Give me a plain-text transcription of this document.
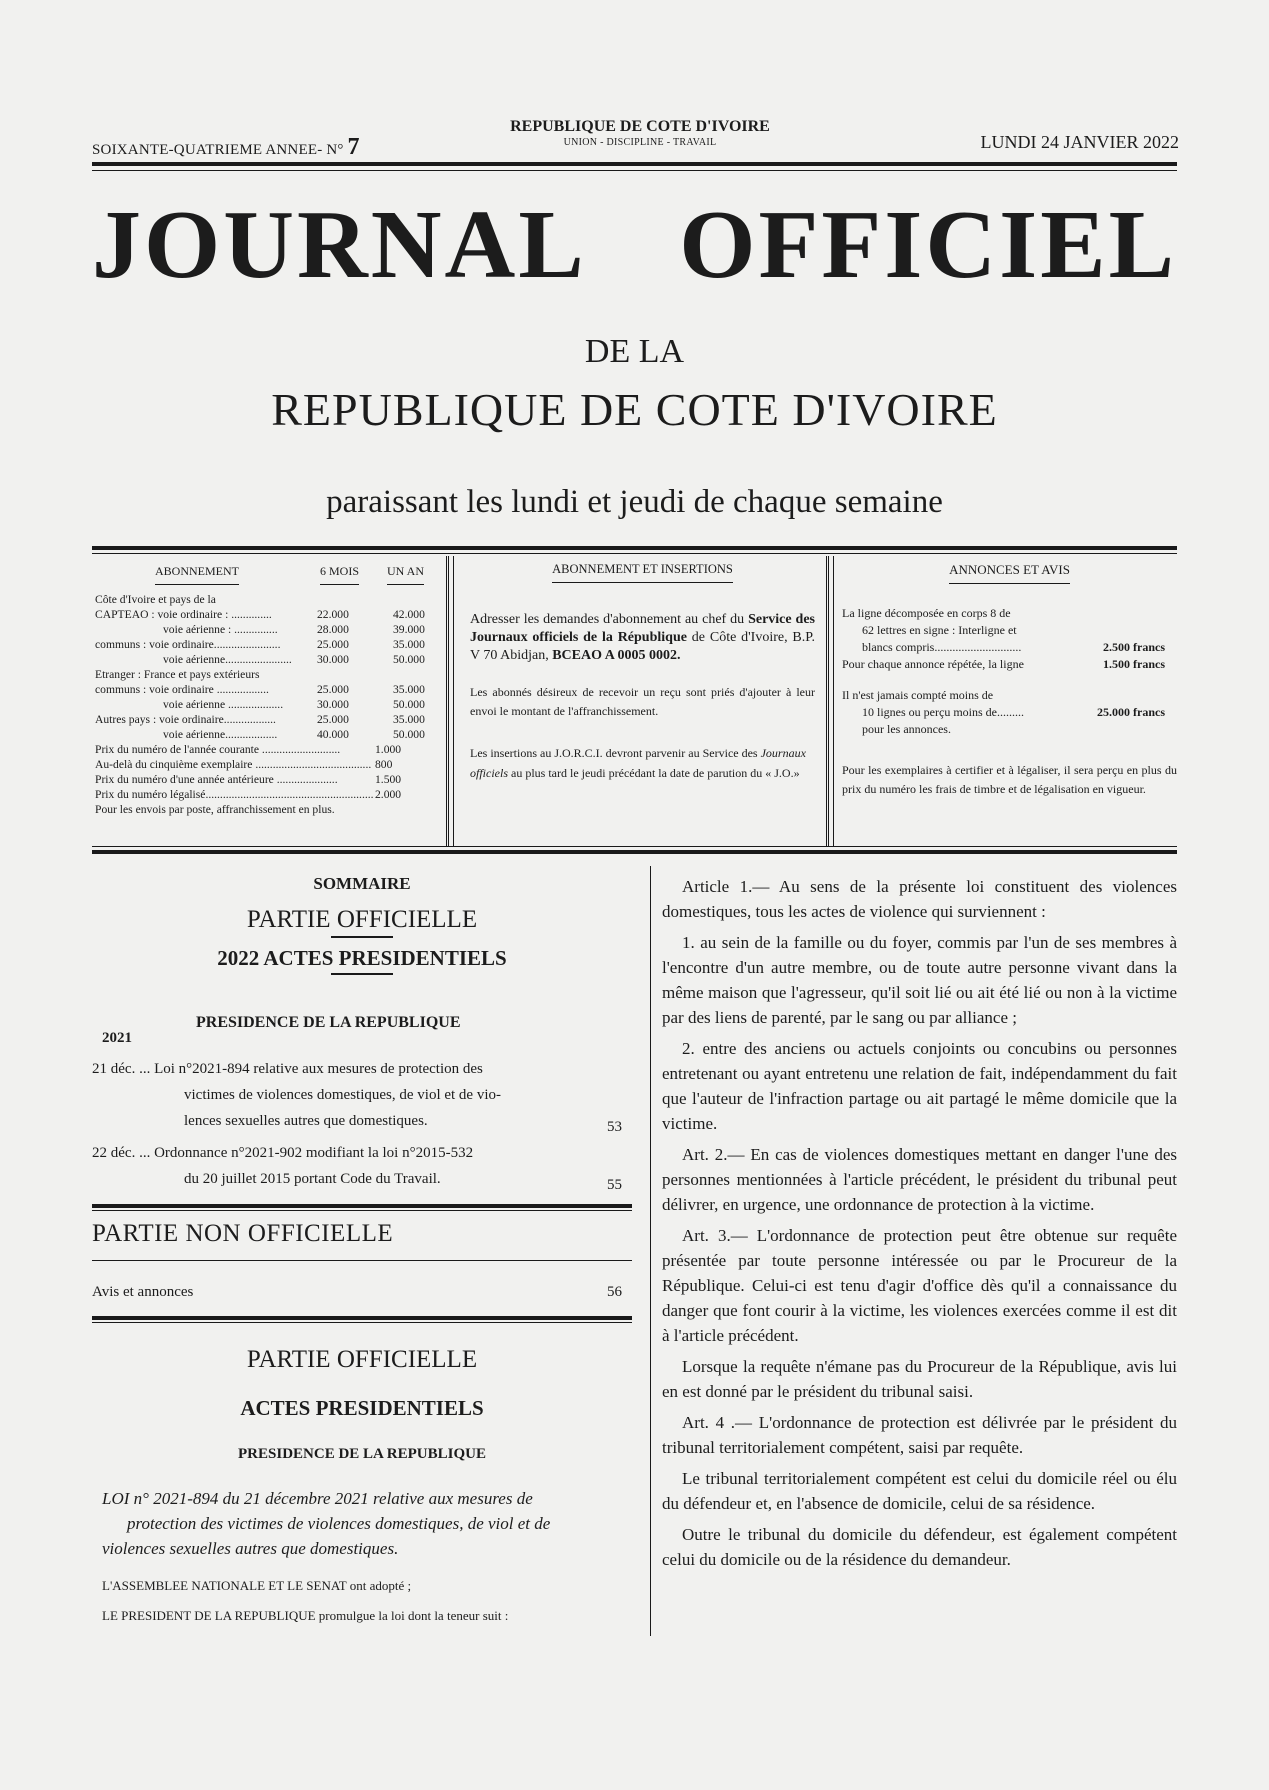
SOIXANTE-QUATRIEME ANNEE- N° 7
REPUBLIQUE DE COTE D'IVOIRE
UNION - DISCIPLINE - TRAVAIL	LUNDI 24 JANVIER 2022
JOURNAL OFFICIEL
DE LA
REPUBLIQUE DE COTE D'IVOIRE
paraissant les lundi et jeudi de chaque semaine
ABONNEMENT	6 MOIS UN AN
Côte d'Ivoire et pays de la
CAPTEAO : voie ordinaire : ..............	22.000	42.000
voie aérienne : ...............	28.000	39.000
communs : voie ordinaire.......................	25.000	35.000
voie aérienne....................... 30.000	50.000
Etranger : France et pays extérieurs
communs : voie ordinaire ..................	25.000	35.000
voie aérienne ...................	30.000	50.000
Autres pays : voie ordinaire..................	25.000	35.000
voie aérienne..................	40.000	50.000
Prix du numéro de l'année courante ...........................	1.000
Au-delà du cinquième exemplaire ........................................ 800
Prix du numéro d'une année antérieure .....................	1.500
Prix du numéro légalisé.......................................................... 2.000
Pour les envois par poste, affranchissement en plus.
ABONNEMENT ET INSERTIONS
Adresser les demandes d'abonnement au chef du Service des Journaux officiels de la République de Côte d'Ivoire, B.P. V 70 Abidjan, BCEAO A 0005 0002.
Les abonnés désireux de recevoir un reçu sont priés d'ajouter à leur envoi le montant de l'affranchissement.
Les insertions au J.O.R.C.I. devront parvenir au Service des Journaux officiels au plus tard le jeudi précédant la date de parution du « J.O.»
ANNONCES ET AVIS
La ligne décomposée en corps 8 de
62 lettres en signe : Interligne et
blancs compris.............................	2.500 francs
Pour chaque annonce répétée, la ligne	1.500 francs
Il n'est jamais compté moins de
10 lignes ou perçu moins de.........	25.000 francs
pour les annonces.
Pour les exemplaires à certifier et à légaliser, il sera perçu en plus du prix du numéro les frais de timbre et de légalisation en vigueur.
SOMMAIRE
PARTIE OFFICIELLE
2022 ACTES PRESIDENTIELS
PRESIDENCE DE LA REPUBLIQUE
2021
21 déc. ... Loi n°2021-894 relative aux mesures de protection des
victimes de violences domestiques, de viol et de vio-
lences sexuelles autres que domestiques.	53
22 déc. ... Ordonnance n°2021-902 modifiant la loi n°2015-532
du 20 juillet 2015 portant Code du Travail.	55
PARTIE NON OFFICIELLE
Avis et annonces	56
PARTIE OFFICIELLE
ACTES PRESIDENTIELS
PRESIDENCE DE LA REPUBLIQUE
LOI n° 2021-894 du 21 décembre 2021 relative aux mesures de
protection des victimes de violences domestiques, de viol et de
violences sexuelles autres que domestiques.
L'ASSEMBLEE NATIONALE ET LE SENAT ont adopté ;
LE PRESIDENT DE LA REPUBLIQUE promulgue la loi dont la teneur suit :

Article 1.— Au sens de la présente loi constituent des violences domestiques, tous les actes de violence qui surviennent :

1. au sein de la famille ou du foyer, commis par l'un de ses membres à l'encontre d'un autre membre, ou de toute autre personne vivant dans la même maison que l'agresseur, qu'il soit lié ou ait été lié ou non à la victime par des liens de parenté, par le sang ou par alliance ;

2. entre des anciens ou actuels conjoints ou concubins ou personnes entretenant ou ayant entretenu une relation de fait, indépendamment du fait que l'auteur de l'infraction partage ou ait partagé le même domicile que la victime.

Art. 2.— En cas de violences domestiques mettant en danger l'une des personnes mentionnées à l'article précédent, le président du tribunal peut délivrer, en urgence, une ordonnance de protection à la victime.

Art. 3.— L'ordonnance de protection peut être obtenue sur requête présentée par toute personne intéressée ou par le Procureur de la République. Celui-ci est tenu d'agir d'office dès qu'il a connaissance du danger que font courir à la victime, les violences exercées comme il est dit à l'article précédent.

Lorsque la requête n'émane pas du Procureur de la République, avis lui en est donné par le président du tribunal saisi.

Art. 4 .— L'ordonnance de protection est délivrée par le président du tribunal territorialement compétent, saisi par requête.

Le tribunal territorialement compétent est celui du domicile réel ou élu du défendeur et, en l'absence de domicile, celui de sa résidence.

Outre le tribunal du domicile du défendeur, est également compétent celui du domicile ou de la résidence du demandeur.
